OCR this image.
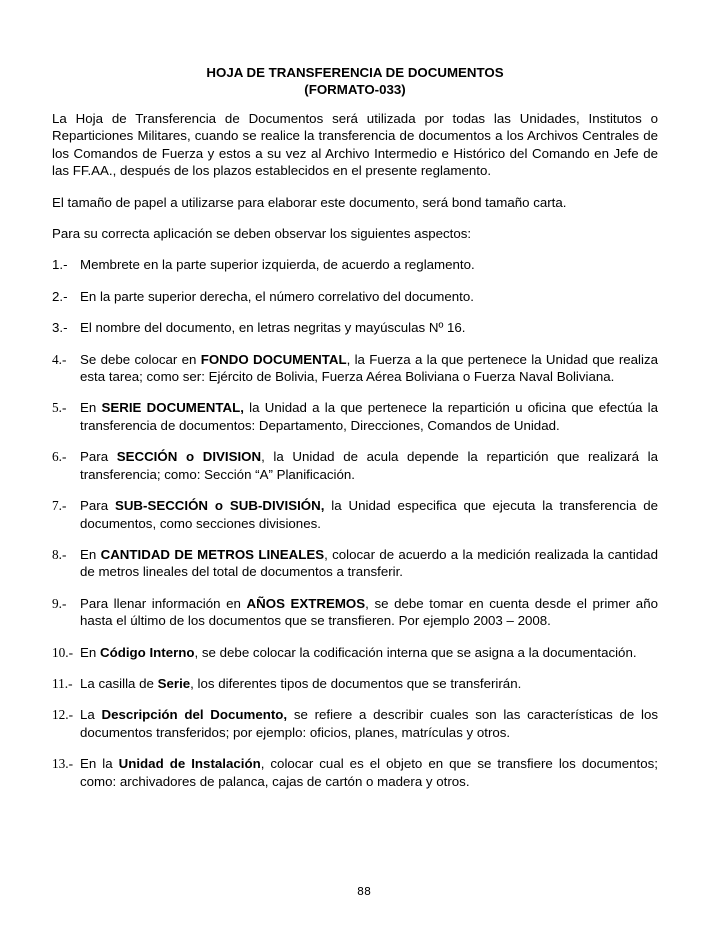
HOJA DE TRANSFERENCIA DE DOCUMENTOS
(FORMATO-033)

La Hoja de Transferencia de Documentos será utilizada por todas las Unidades, Institutos o Reparticiones Militares, cuando se realice la transferencia de documentos a los Archivos Centrales de los Comandos de Fuerza y estos a su vez al Archivo Intermedio e Histórico del Comando en Jefe de las FF.AA., después de los plazos establecidos en el presente reglamento.

El tamaño de papel a utilizarse para elaborar este documento, será bond tamaño carta.

Para su correcta aplicación se deben observar los siguientes aspectos:

1.- Membrete en la parte superior izquierda, de acuerdo a reglamento.
2.- En la parte superior derecha, el número correlativo del documento.
3.- El nombre del documento, en letras negritas y mayúsculas Nº 16.
4.-	Se debe colocar en FONDO DOCUMENTAL, la Fuerza a la que pertenece la Unidad que realiza esta tarea; como ser: Ejército de Bolivia, Fuerza Aérea Boliviana o Fuerza Naval Boliviana.
5.-	En SERIE DOCUMENTAL, la Unidad a la que pertenece la repartición u oficina que efectúa la transferencia de documentos: Departamento, Direcciones, Comandos de Unidad.
6.-	Para SECCIÓN o DIVISION, la Unidad de acula depende la repartición que realizará la transferencia; como: Sección “A” Planificación.
7.-	Para SUB-SECCIÓN o SUB-DIVISIÓN, la Unidad especifica que ejecuta la transferencia de documentos, como secciones divisiones.
8.-	En CANTIDAD DE METROS LINEALES, colocar de acuerdo a la medición realizada la cantidad de metros lineales del total de documentos a transferir.
9.-	Para llenar información en AÑOS EXTREMOS, se debe tomar en cuenta desde el primer año hasta el último de los documentos que se transfieren. Por ejemplo 2003 – 2008.
10.- En Código Interno, se debe colocar la codificación interna que se asigna a la documentación.
11.- La casilla de Serie, los diferentes tipos de documentos que se transferirán.
12.- La Descripción del Documento, se refiere a describir cuales son las características de los documentos transferidos; por ejemplo: oficios, planes, matrículas y otros.
13.- En la Unidad de Instalación, colocar cual es el objeto en que se transfiere los documentos; como: archivadores de palanca, cajas de cartón o madera y otros.
88
